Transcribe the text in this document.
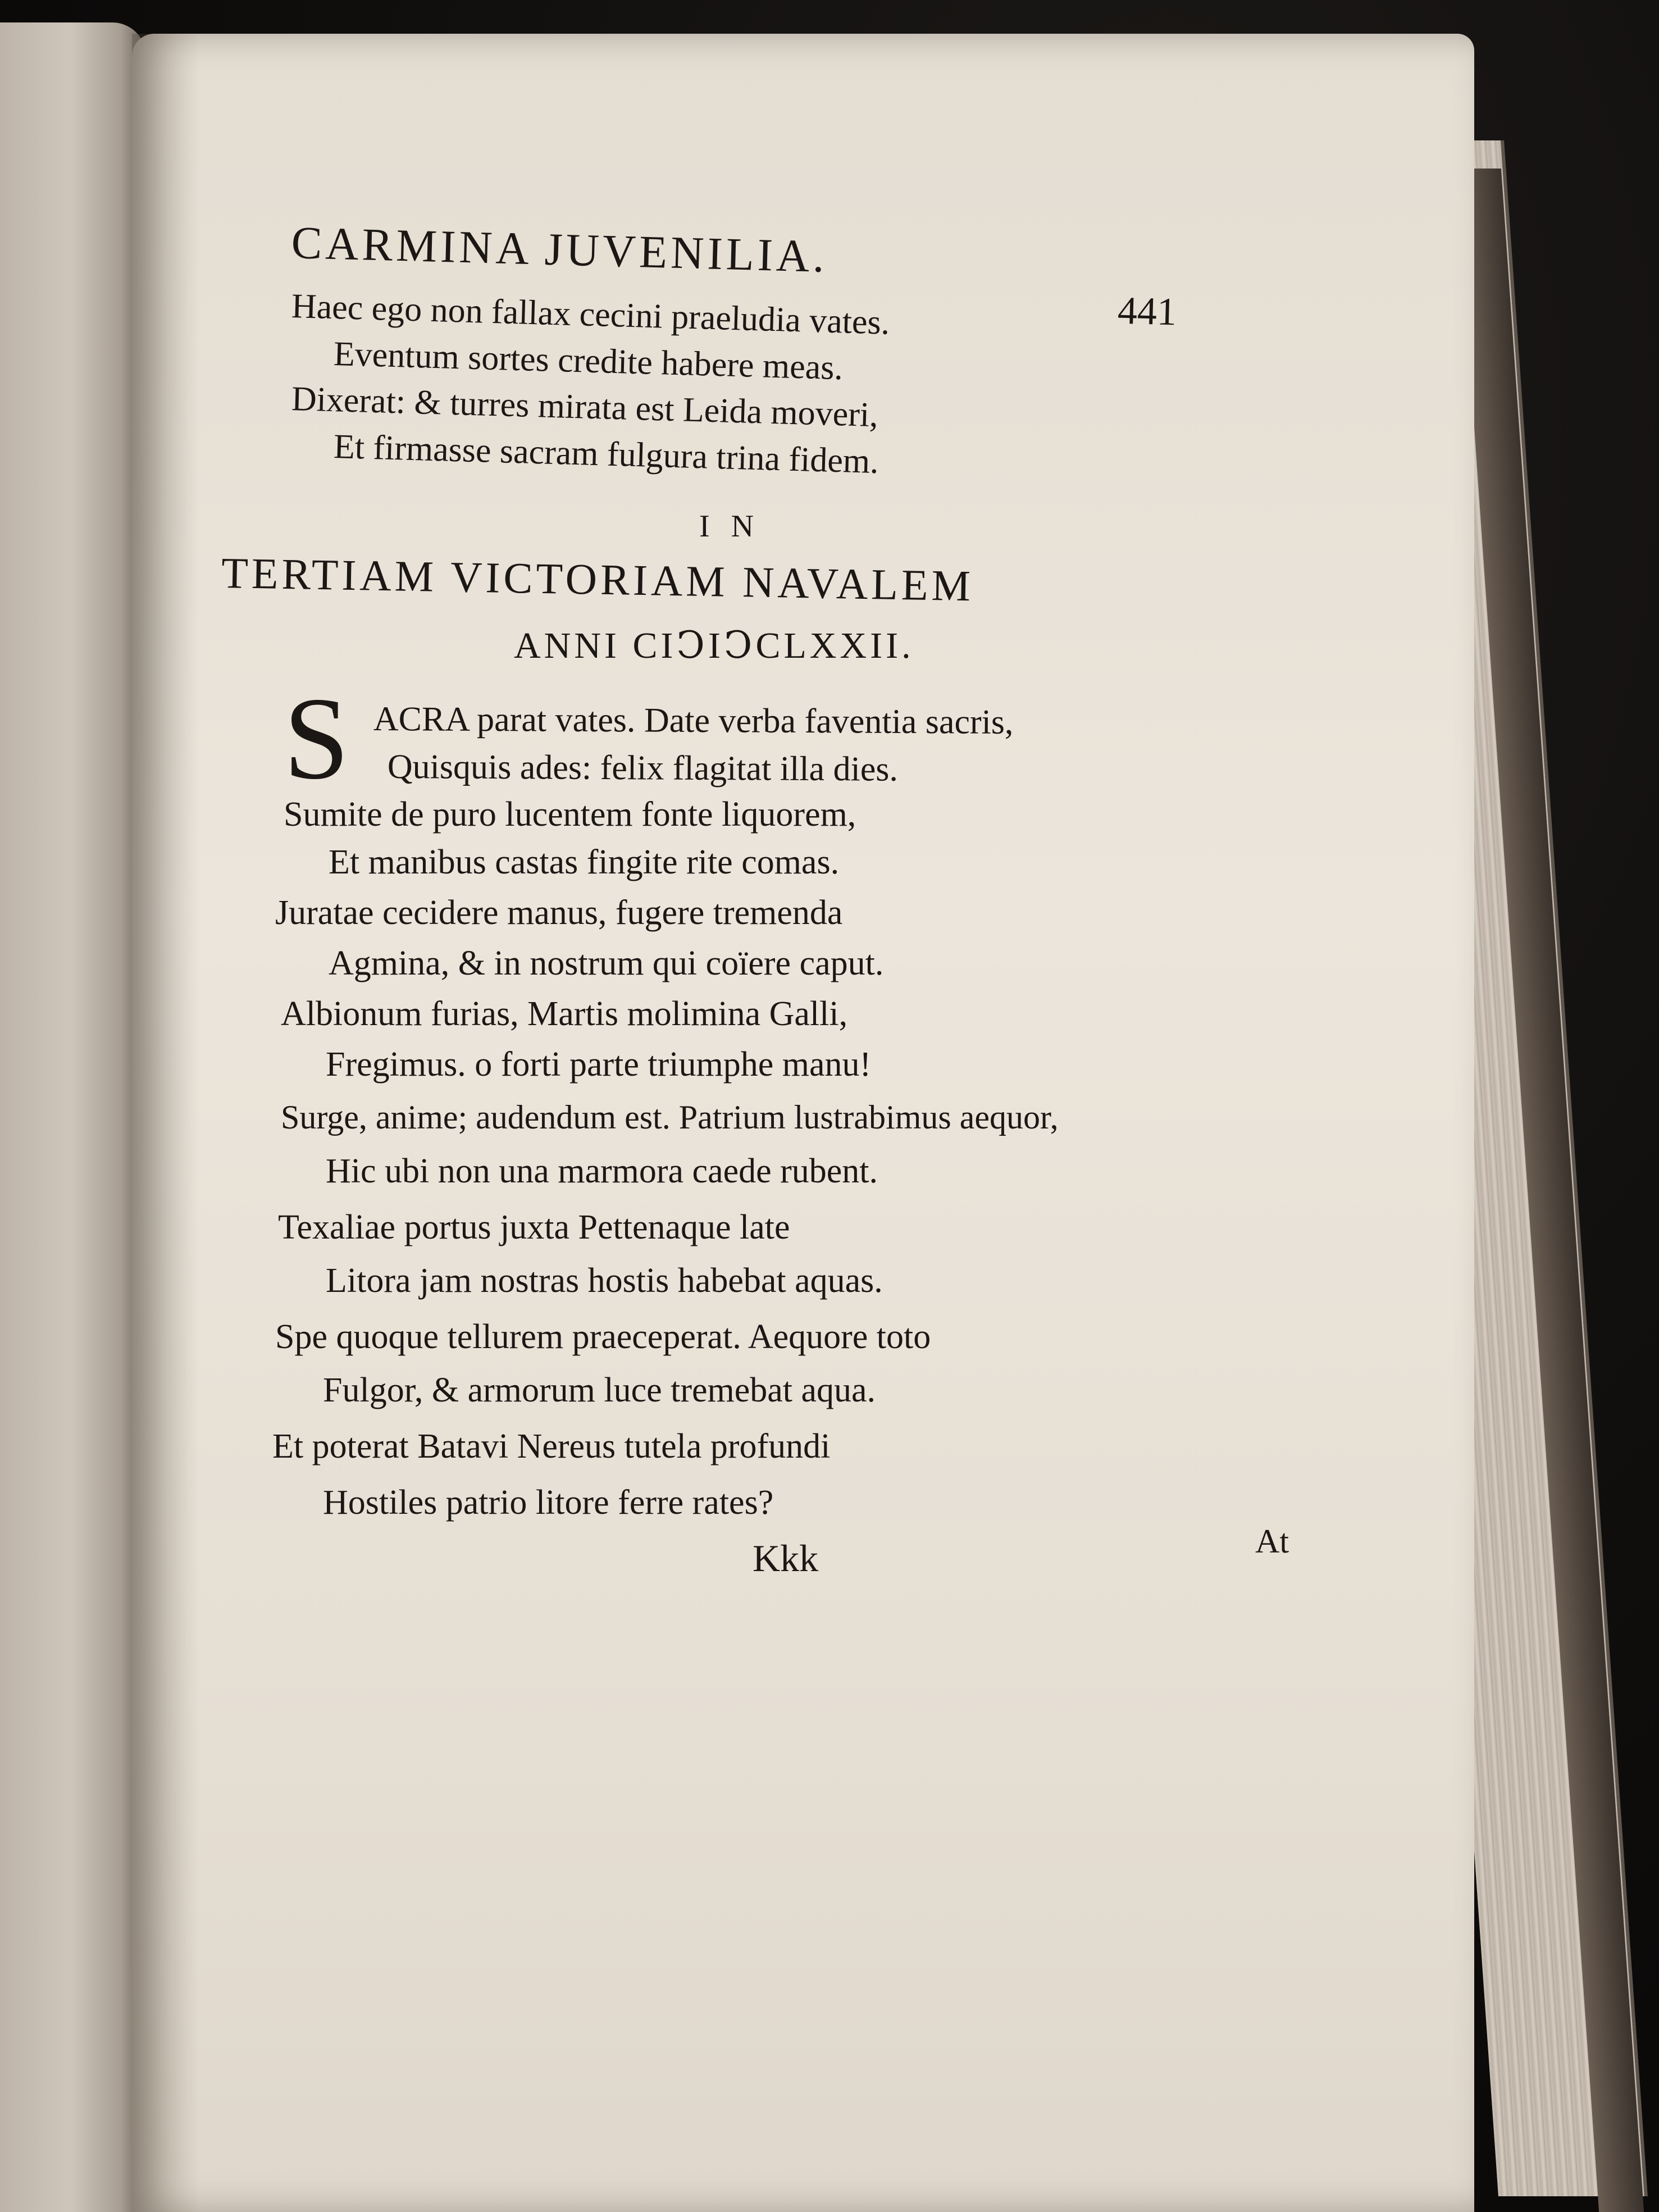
CARMINA JUVENILIA.
441
Haec ego non fallax cecini praeludia vates.
Eventum sortes credite habere meas.
Dixerat: & turres mirata est Leida moveri,
Et firmasse sacram fulgura trina fidem.
IN
TERTIAM VICTORIAM NAVALEM
ANNI CIↃIↃCLXXII.
S ACRA parat vates. Date verba faventia sacris,
Quisquis ades: felix flagitat illa dies.
Sumite de puro lucentem fonte liquorem,
Et manibus castas fingite rite comas.
Juratae cecidere manus, fugere tremenda
Agmina, & in nostrum qui coïere caput.
Albionum furias, Martis molimina Galli,
Fregimus. o forti parte triumphe manu!
Surge, anime; audendum est. Patrium lustrabimus aequor,
Hic ubi non una marmora caede rubent.
Texaliae portus juxta Pettenaque late
Litora jam nostras hostis habebat aquas.
Spe quoque tellurem praeceperat. Aequore toto
Fulgor, & armorum luce tremebat aqua.
Et poterat Batavi Nereus tutela profundi
Hostiles patrio litore ferre rates?
Kkk	At
